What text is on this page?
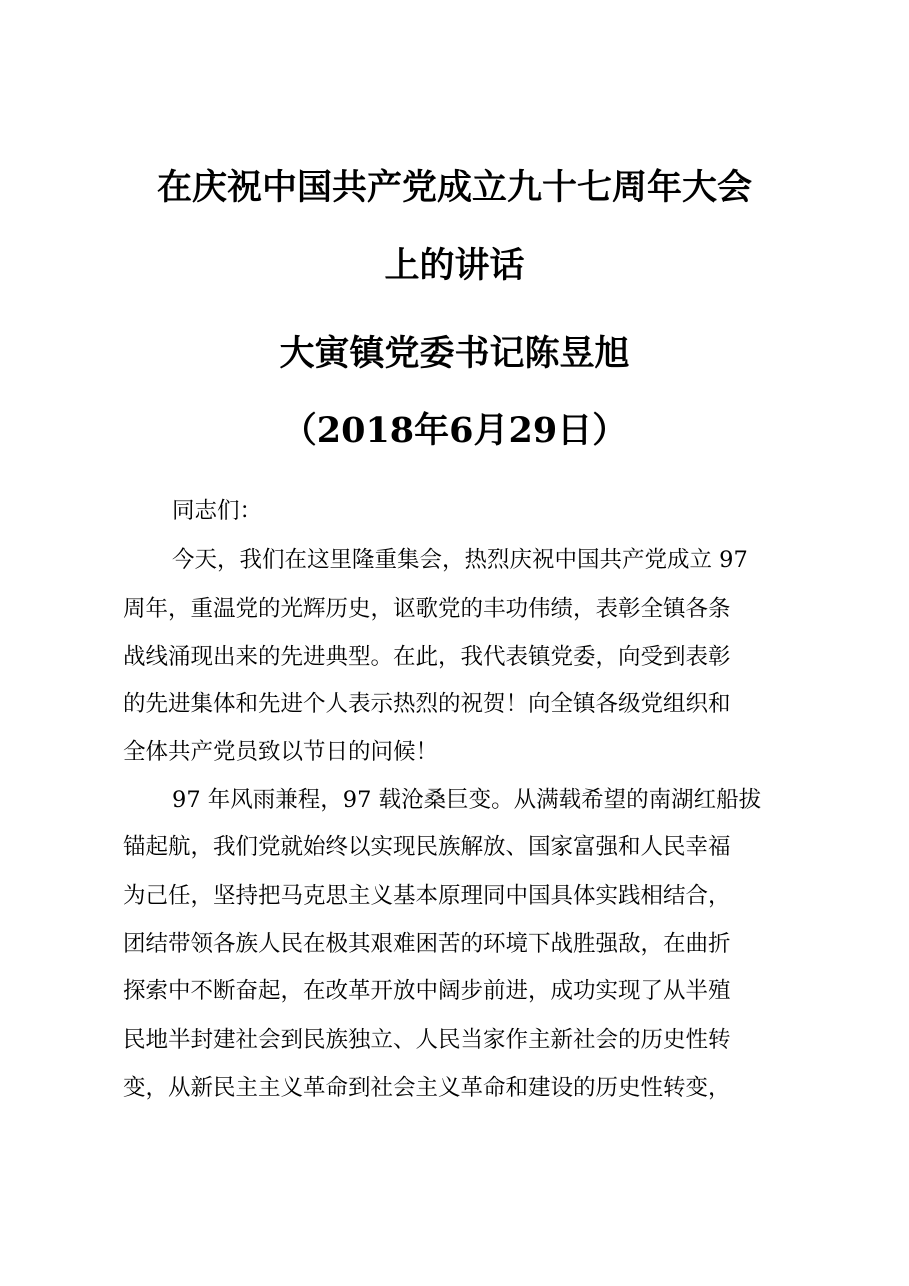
在庆祝中国共产党成立九十七周年大会
上的讲话
大寅镇党委书记陈昱旭
（2018年6月29日）
同志们：
今天，我们在这里隆重集会，热烈庆祝中国共产党成立 97
周年，重温党的光辉历史，讴歌党的丰功伟绩，表彰全镇各条
战线涌现出来的先进典型。在此，我代表镇党委，向受到表彰
的先进集体和先进个人表示热烈的祝贺！向全镇各级党组织和
全体共产党员致以节日的问候！
97 年风雨兼程，97 载沧桑巨变。从满载希望的南湖红船拔
锚起航，我们党就始终以实现民族解放、国家富强和人民幸福
为己任，坚持把马克思主义基本原理同中国具体实践相结合，
团结带领各族人民在极其艰难困苦的环境下战胜强敌，在曲折
探索中不断奋起，在改革开放中阔步前进，成功实现了从半殖
民地半封建社会到民族独立、人民当家作主新社会的历史性转
变，从新民主主义革命到社会主义革命和建设的历史性转变，
